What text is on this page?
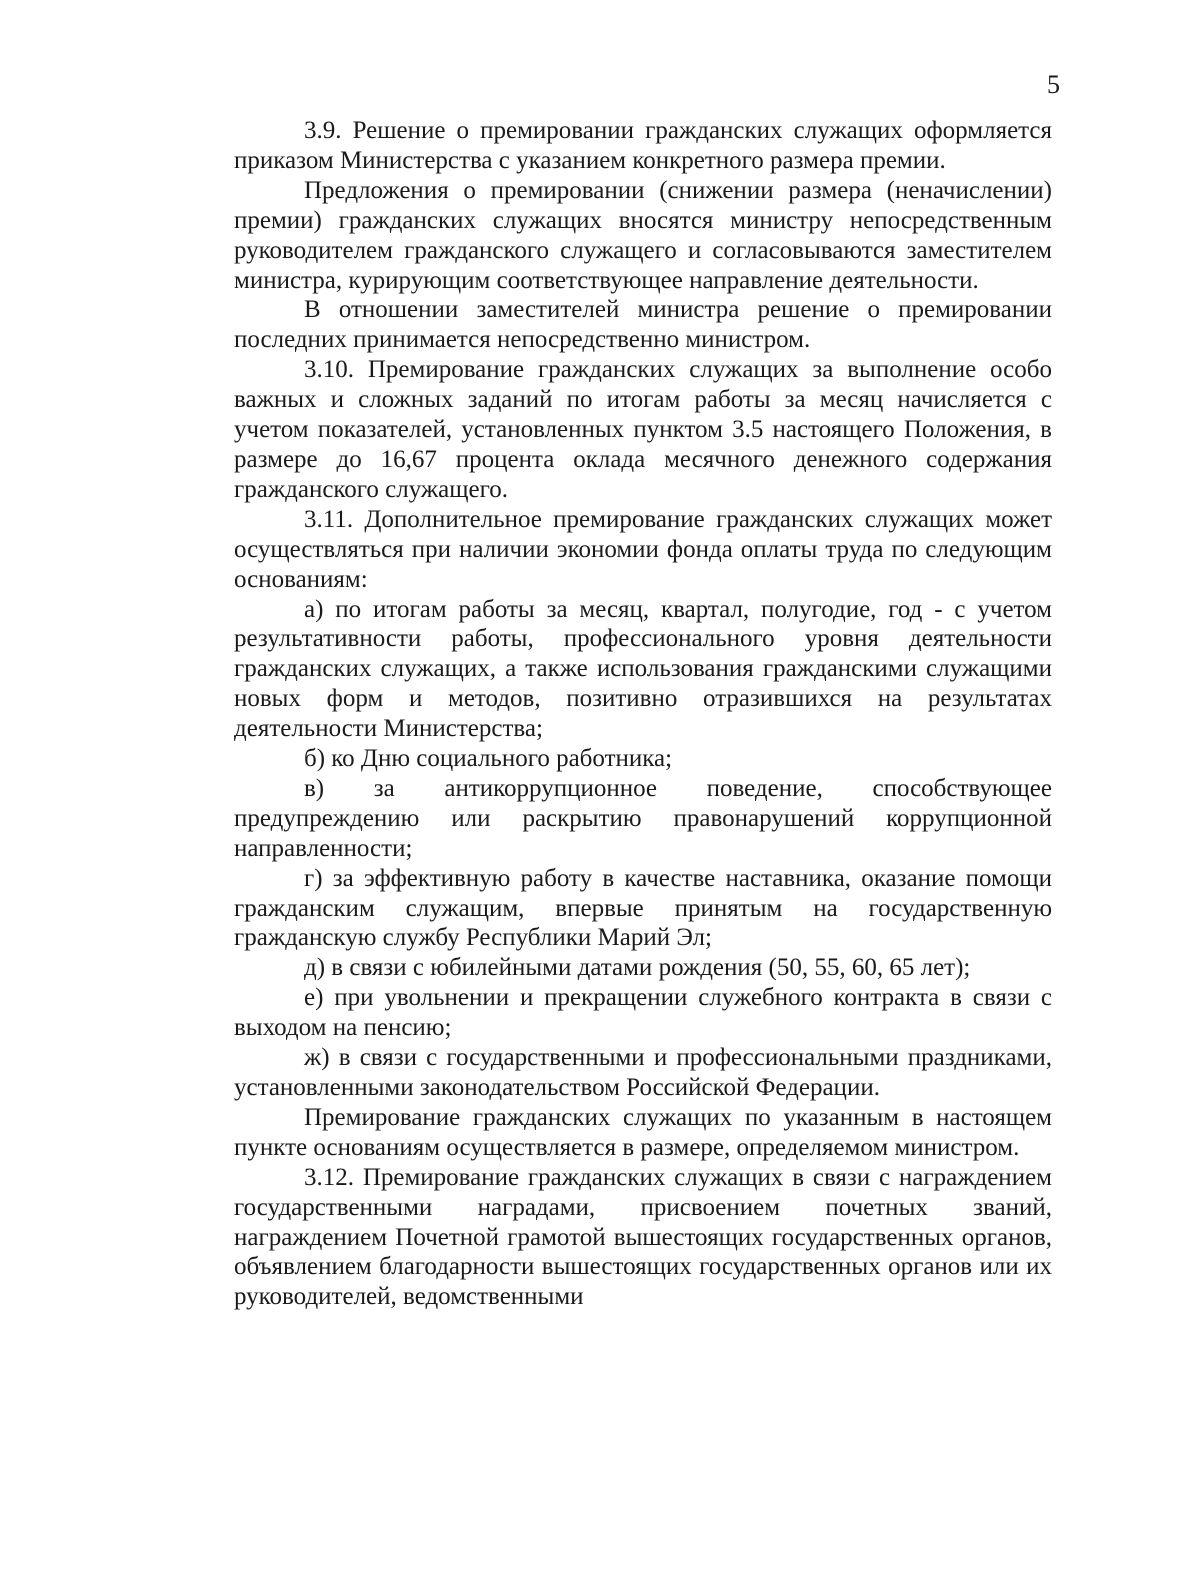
5

3.9. Решение о премировании гражданских служащих оформляется приказом Министерства с указанием конкретного размера премии.

Предложения о премировании (снижении размера (неначислении) премии) гражданских служащих вносятся министру непосредственным руководителем гражданского служащего и согласовываются заместителем министра, курирующим соответствующее направление деятельности.

В отношении заместителей министра решение о премировании последних принимается непосредственно министром.

3.10. Премирование гражданских служащих за выполнение особо важных и сложных заданий по итогам работы за месяц начисляется с учетом показателей, установленных пунктом 3.5 настоящего Положения, в размере до 16,67 процента оклада месячного денежного содержания гражданского служащего.

3.11. Дополнительное премирование гражданских служащих может осуществляться при наличии экономии фонда оплаты труда по следующим основаниям:

а) по итогам работы за месяц, квартал, полугодие, год - с учетом результативности работы, профессионального уровня деятельности гражданских служащих, а также использования гражданскими служащими новых форм и методов, позитивно отразившихся на результатах деятельности Министерства;

б) ко Дню социального работника;

в) за антикоррупционное поведение, способствующее предупреждению или раскрытию правонарушений коррупционной направленности;

г) за эффективную работу в качестве наставника, оказание помощи гражданским служащим, впервые принятым на государственную гражданскую службу Республики Марий Эл;

д) в связи с юбилейными датами рождения (50, 55, 60, 65 лет);

е) при увольнении и прекращении служебного контракта в связи с выходом на пенсию;

ж) в связи с государственными и профессиональными праздниками, установленными законодательством Российской Федерации.

Премирование гражданских служащих по указанным в настоящем пункте основаниям осуществляется в размере, определяемом министром.

3.12. Премирование гражданских служащих в связи с награждением государственными наградами, присвоением почетных званий, награждением Почетной грамотой вышестоящих государственных органов, объявлением благодарности вышестоящих государственных органов или их руководителей, ведомственными
